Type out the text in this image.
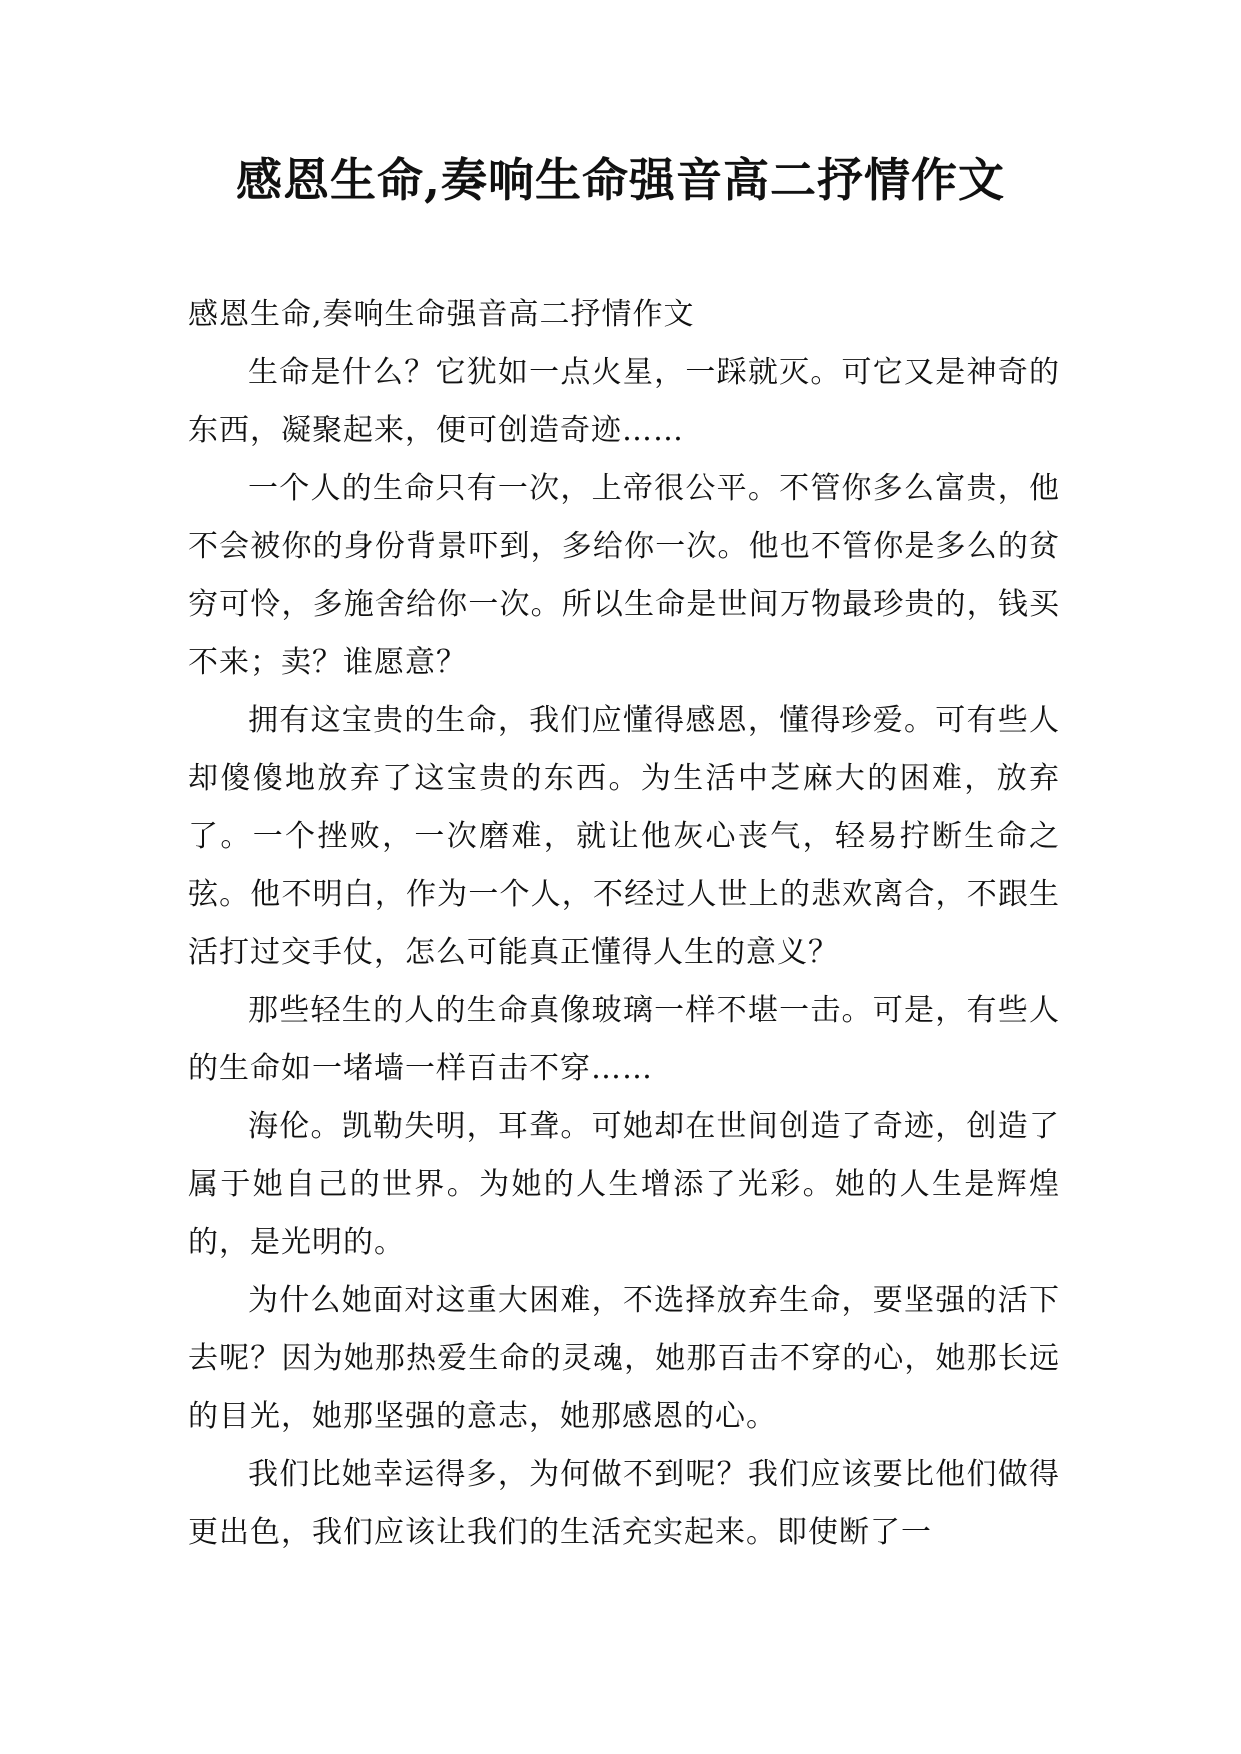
感恩生命,奏响生命强音高二抒情作文

感恩生命,奏响生命强音高二抒情作文

生命是什么？它犹如一点火星，一踩就灭。可它又是神奇的东西，凝聚起来，便可创造奇迹……

一个人的生命只有一次，上帝很公平。不管你多么富贵，他不会被你的身份背景吓到，多给你一次。他也不管你是多么的贫穷可怜，多施舍给你一次。所以生命是世间万物最珍贵的，钱买不来；卖？谁愿意？

拥有这宝贵的生命，我们应懂得感恩，懂得珍爱。可有些人却傻傻地放弃了这宝贵的东西。为生活中芝麻大的困难，放弃了。一个挫败，一次磨难，就让他灰心丧气，轻易拧断生命之弦。他不明白，作为一个人，不经过人世上的悲欢离合，不跟生活打过交手仗，怎么可能真正懂得人生的意义？

那些轻生的人的生命真像玻璃一样不堪一击。可是，有些人的生命如一堵墙一样百击不穿……

海伦。凯勒失明，耳聋。可她却在世间创造了奇迹，创造了属于她自己的世界。为她的人生增添了光彩。她的人生是辉煌的，是光明的。

为什么她面对这重大困难，不选择放弃生命，要坚强的活下去呢？因为她那热爱生命的灵魂，她那百击不穿的心，她那长远的目光，她那坚强的意志，她那感恩的心。

我们比她幸运得多，为何做不到呢？我们应该要比他们做得更出色，我们应该让我们的生活充实起来。即使断了一
